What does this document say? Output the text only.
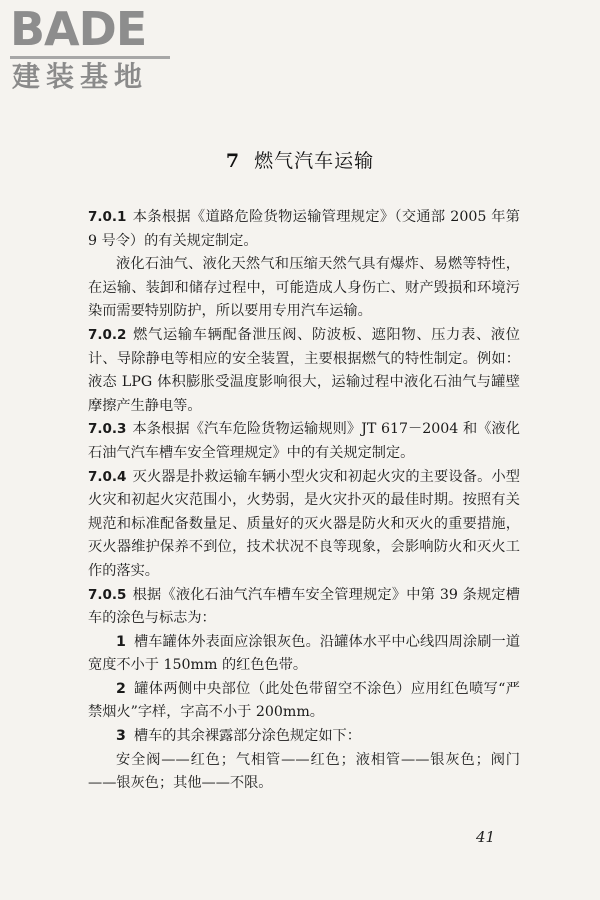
BADE
建装基地
7 燃气汽车运输

7.0.1 本条根据《道路危险货物运输管理规定》（交通部 2005 年第 9 号令）的有关规定制定。

液化石油气、液化天然气和压缩天然气具有爆炸、易燃等特性，在运输、装卸和储存过程中，可能造成人身伤亡、财产毁损和环境污染而需要特别防护，所以要用专用汽车运输。

7.0.2 燃气运输车辆配备泄压阀、防波板、遮阳物、压力表、液位计、导除静电等相应的安全装置，主要根据燃气的特性制定。例如：液态 LPG 体积膨胀受温度影响很大，运输过程中液化石油气与罐壁摩擦产生静电等。

7.0.3 本条根据《汽车危险货物运输规则》JT 617－2004 和《液化石油气汽车槽车安全管理规定》中的有关规定制定。

7.0.4 灭火器是扑救运输车辆小型火灾和初起火灾的主要设备。小型火灾和初起火灾范围小，火势弱，是火灾扑灭的最佳时期。按照有关规范和标准配备数量足、质量好的灭火器是防火和灭火的重要措施，灭火器维护保养不到位，技术状况不良等现象，会影响防火和灭火工作的落实。

7.0.5 根据《液化石油气汽车槽车安全管理规定》中第 39 条规定槽车的涂色与标志为：

1 槽车罐体外表面应涂银灰色。沿罐体水平中心线四周涂刷一道宽度不小于 150mm 的红色色带。

2 罐体两侧中央部位（此处色带留空不涂色）应用红色喷写“严禁烟火”字样，字高不小于 200mm。

3 槽车的其余裸露部分涂色规定如下：

安全阀——红色；气相管——红色；液相管——银灰色；阀门——银灰色；其他——不限。

41
